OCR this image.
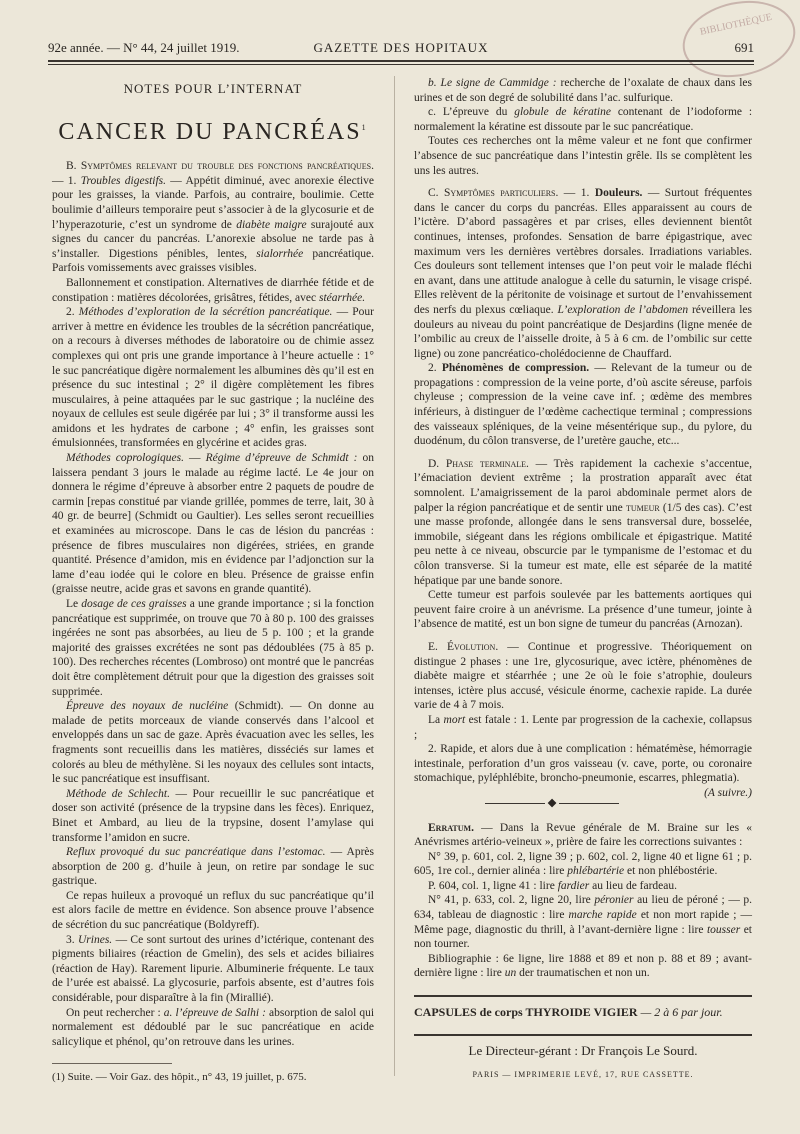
92e année. — N° 44, 24 juillet 1919.	GAZETTE DES HOPITAUX	691

BIBLIOTHÈQUE

NOTES POUR L’INTERNAT

CANCER DU PANCRÉAS$^1$

B. Symptômes relevant du trouble des fonctions pancréatiques. — 1. Troubles digestifs. — Appétit diminué, avec anorexie élective pour les graisses, la viande. Parfois, au contraire, boulimie. Cette boulimie d’ailleurs temporaire peut s’associer à de la glycosurie et de l’hyperazoturie, c’est un syndrome de diabète maigre surajouté aux signes du cancer du pancréas. L’anorexie absolue ne tarde pas à s’installer. Digestions pénibles, lentes, sialorrhée pancréatique. Parfois vomissements avec graisses visibles.

Ballonnement et constipation. Alternatives de diarrhée fétide et de constipation : matières décolorées, grisâtres, fétides, avec stéarrhée.

2. Méthodes d’exploration de la sécrétion pancréatique. — Pour arriver à mettre en évidence les troubles de la sécrétion pancréatique, on a recours à diverses méthodes de laboratoire ou de chimie assez complexes qui ont pris une grande importance à l’heure actuelle : 1° le suc pancréatique digère normalement les albumines dès qu’il est en présence du suc intestinal ; 2° il digère complètement les fibres musculaires, à peine attaquées par le suc gastrique ; la nucléine des noyaux de cellules est seule digérée par lui ; 3° il transforme aussi les amidons et les hydrates de carbone ; 4° enfin, les graisses sont émulsionnées, transformées en glycérine et acides gras.

Méthodes coprologiques. — Régime d’épreuve de Schmidt : on laissera pendant 3 jours le malade au régime lacté. Le 4e jour on donnera le régime d’épreuve à absorber entre 2 paquets de poudre de carmin [repas constitué par viande grillée, pommes de terre, lait, 30 à 40 gr. de beurre] (Schmidt ou Gaultier). Les selles seront recueillies et examinées au microscope. Dans le cas de lésion du pancréas : présence de fibres musculaires non digérées, striées, en grande quantité. Présence d’amidon, mis en évidence par l’adjonction sur la lame d’eau iodée qui le colore en bleu. Présence de graisse enfin (graisse neutre, acide gras et savons en grande quantité).

Le dosage de ces graisses a une grande importance ; si la fonction pancréatique est supprimée, on trouve que 70 à 80 p. 100 des graisses ingérées ne sont pas absorbées, au lieu de 5 p. 100 ; et la grande majorité des graisses excrétées ne sont pas dédoublées (75 à 85 p. 100). Des recherches récentes (Lombroso) ont montré que le pancréas doit être complètement détruit pour que la digestion des graisses soit supprimée.

Épreuve des noyaux de nucléine (Schmidt). — On donne au malade de petits morceaux de viande conservés dans l’alcool et enveloppés dans un sac de gaze. Après évacuation avec les selles, les fragments sont recueillis dans les matières, disséciés sur lames et colorés au bleu de méthylène. Si les noyaux des cellules sont intacts, le suc pancréatique est insuffisant.

Méthode de Schlecht. — Pour recueillir le suc pancréatique et doser son activité (présence de la trypsine dans les fèces). Enriquez, Binet et Ambard, au lieu de la trypsine, dosent l’amylase qui transforme l’amidon en sucre.

Reflux provoqué du suc pancréatique dans l’estomac. — Après absorption de 200 g. d’huile à jeun, on retire par sondage le suc gastrique.

Ce repas huileux a provoqué un reflux du suc pancréatique qu’il est alors facile de mettre en évidence. Son absence prouve l’absence de sécrétion du suc pancréatique (Boldyreff).

3. Urines. — Ce sont surtout des urines d’ictérique, contenant des pigments biliaires (réaction de Gmelin), des sels et acides biliaires (réaction de Hay). Rarement lipurie. Albuminerie fréquente. Le taux de l’urée est abaissé. La glycosurie, parfois absente, est d’autres fois considérable, pour disparaître à la fin (Mirallié).

On peut rechercher : a. l’épreuve de Salhi : absorption de salol qui normalement est dédoublé par le suc pancréatique en acide salicylique et phénol, qu’on retrouve dans les urines.

(1) Suite. — Voir Gaz. des hôpit., n° 43, 19 juillet, p. 675.

b. Le signe de Cammidge : recherche de l’oxalate de chaux dans les urines et de son degré de solubilité dans l’ac. sulfurique.

c. L’épreuve du globule de kératine contenant de l’iodoforme : normalement la kératine est dissoute par le suc pancréatique.

Toutes ces recherches ont la même valeur et ne font que confirmer l’absence de suc pancréatique dans l’intestin grêle. Ils se complètent les uns les autres.

C. Symptômes particuliers. — 1. Douleurs. — Surtout fréquentes dans le cancer du corps du pancréas. Elles apparaissent au cours de l’ictère. D’abord passagères et par crises, elles deviennent bientôt continues, intenses, profondes. Sensation de barre épigastrique, avec maximum vers les dernières vertèbres dorsales. Irradiations variables. Ces douleurs sont tellement intenses que l’on peut voir le malade fléchi en avant, dans une attitude analogue à celle du saturnin, le visage crispé. Elles relèvent de la péritonite de voisinage et surtout de l’envahissement des nerfs du plexus cœliaque. L’exploration de l’abdomen réveillera les douleurs au niveau du point pancréatique de Desjardins (ligne menée de l’ombilic au creux de l’aisselle droite, à 5 à 6 cm. de l’ombilic sur cette ligne) ou zone pancréatico-cholédocienne de Chauffard.

2. Phénomènes de compression. — Relevant de la tumeur ou de propagations : compression de la veine porte, d’où ascite séreuse, parfois chyleuse ; compression de la veine cave inf. ; œdème des membres inférieurs, à distinguer de l’œdème cachectique terminal ; compressions des vaisseaux spléniques, de la veine mésentérique sup., du pylore, du duodénum, du côlon transverse, de l’uretère gauche, etc...

D. Phase terminale. — Très rapidement la cachexie s’accentue, l’émaciation devient extrême ; la prostration apparaît avec état somnolent. L’amaigrissement de la paroi abdominale permet alors de palper la région pancréatique et de sentir une tumeur (1/5 des cas). C’est une masse profonde, allongée dans le sens transversal dure, bosselée, immobile, siégeant dans les régions ombilicale et épigastrique. Matité peu nette à ce niveau, obscurcie par le tympanisme de l’estomac et du côlon transverse. Si la tumeur est mate, elle est séparée de la matité hépatique par une bande sonore.

Cette tumeur est parfois soulevée par les battements aortiques qui peuvent faire croire à un anévrisme. La présence d’une tumeur, jointe à l’absence de matité, est un bon signe de tumeur du pancréas (Arnozan).

E. Évolution. — Continue et progressive. Théoriquement on distingue 2 phases : une 1re, glycosurique, avec ictère, phénomènes de diabète maigre et stéarrhée ; une 2e où le foie s’atrophie, douleurs intenses, ictère plus accusé, vésicule énorme, cachexie rapide. La durée varie de 4 à 7 mois.

La mort est fatale : 1. Lente par progression de la cachexie, collapsus ;

2. Rapide, et alors due à une complication : hématémèse, hémorragie intestinale, perforation d’un gros vaisseau (v. cave, porte, ou coronaire stomachique, pyléphlébite, broncho-pneumonie, escarres, phlegmatia).
(A suivre.)

◆

Erratum. — Dans la Revue générale de M. Braine sur les « Anévrismes artério-veineux », prière de faire les corrections suivantes :

N° 39, p. 601, col. 2, ligne 39 ; p. 602, col. 2, ligne 40 et ligne 61 ; p. 605, 1re col., dernier alinéa : lire phlébartérie et non phlébostérie.

P. 604, col. 1, ligne 41 : lire fardier au lieu de fardeau.

N° 41, p. 633, col. 2, ligne 20, lire péronier au lieu de péroné ; — p. 634, tableau de diagnostic : lire marche rapide et non mort rapide ; — Même page, diagnostic du thrill, à l’avant-dernière ligne : lire tousser et non tourner.

Bibliographie : 6e ligne, lire 1888 et 89 et non p. 88 et 89 ; avant-dernière ligne : lire un der traumatischen et non un.

CAPSULES de corps THYROIDE VIGIER — 2 à 6 par jour.

Le Directeur-gérant : Dr François Le Sourd.

PARIS — IMPRIMERIE LEVÉ, 17, RUE CASSETTE.
